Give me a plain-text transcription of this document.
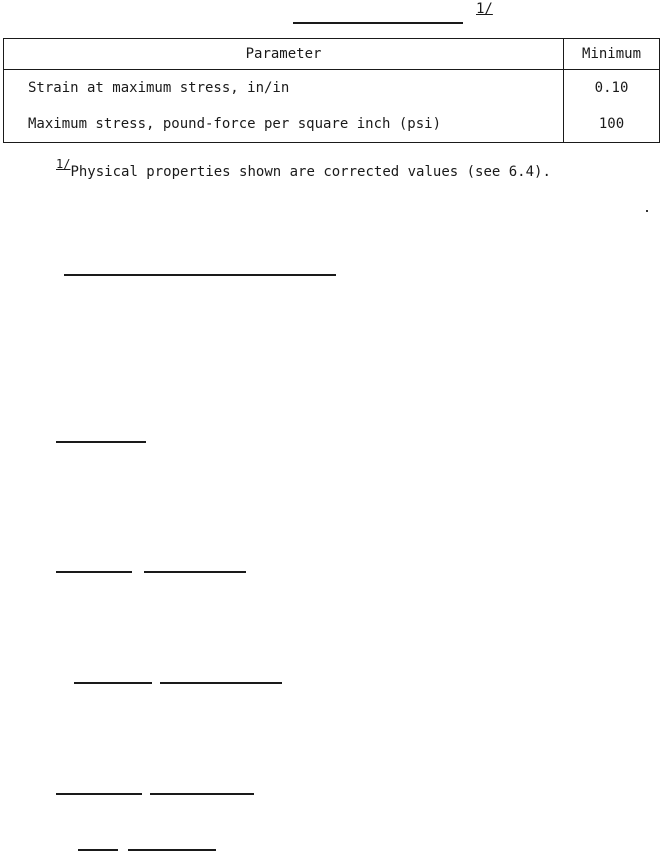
1/
Parameter	Minimum
Strain at maximum stress, in/in	0.10
Maximum stress, pound-force per square inch (psi)	100
1/Physical properties shown are corrected values (see 6.4).
